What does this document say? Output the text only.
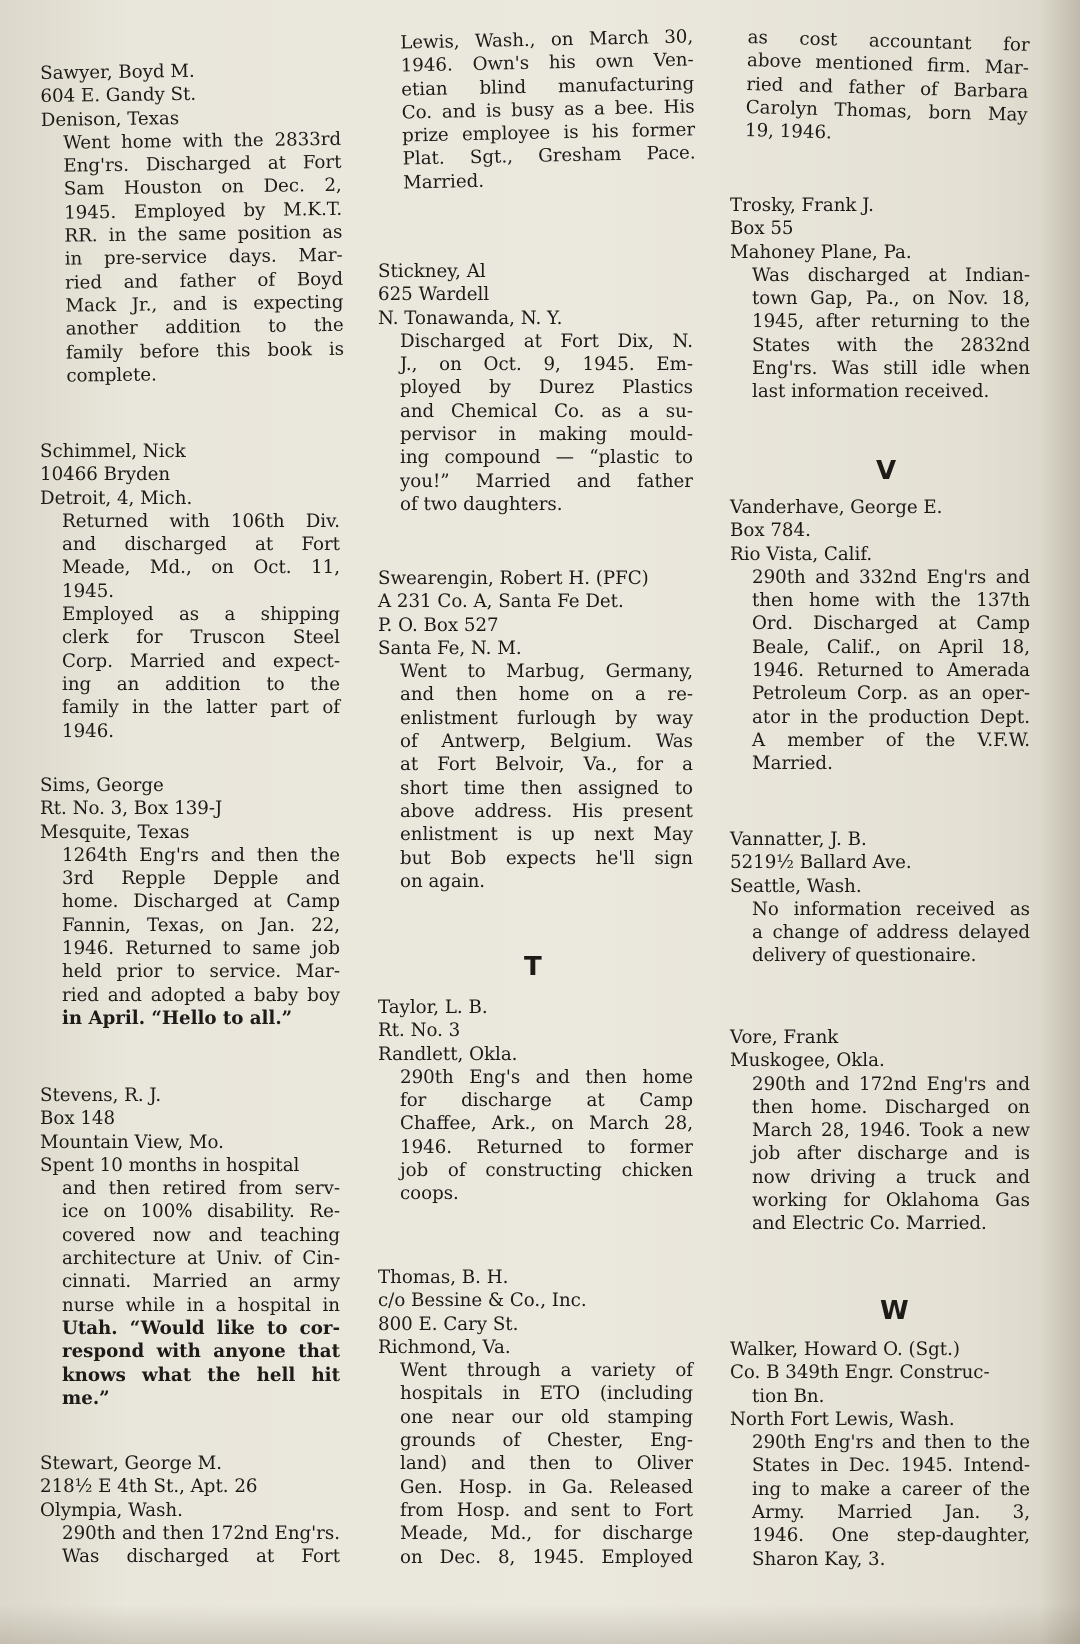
Sawyer, Boyd M.
604 E. Gandy St.
Denison, Texas
Went home with the 2833rd
Eng'rs. Discharged at Fort
Sam Houston on Dec. 2,
1945. Employed by M.K.T.
RR. in the same position as
in pre-service days. Mar-
ried and father of Boyd
Mack Jr., and is expecting
another addition to the
family before this book is
complete.
Schimmel, Nick
10466 Bryden
Detroit, 4, Mich.
Returned with 106th Div.
and discharged at Fort
Meade, Md., on Oct. 11, 1945.
Employed as a shipping
clerk for Truscon Steel
Corp. Married and expect-
ing an addition to the
family in the latter part of
1946.
Sims, George
Rt. No. 3, Box 139-J
Mesquite, Texas
1264th Eng'rs and then the
3rd Repple Depple and
home. Discharged at Camp
Fannin, Texas, on Jan. 22,
1946. Returned to same job
held prior to service. Mar-
ried and adopted a baby boy
in April. “Hello to all.”
Stevens, R. J.
Box 148
Mountain View, Mo.
Spent 10 months in hospital
and then retired from serv-
ice on 100% disability. Re-
covered now and teaching
architecture at Univ. of Cin-
cinnati. Married an army
nurse while in a hospital in
Utah. “Would like to cor-
respond with anyone that
knows what the hell hit me.”
Stewart, George M.
218½ E 4th St., Apt. 26
Olympia, Wash.
290th and then 172nd Eng'rs.
Was discharged at Fort
Lewis, Wash., on March 30,
1946. Own's his own Ven-
etian blind manufacturing
Co. and is busy as a bee. His
prize employee is his former
Plat. Sgt., Gresham Pace.
Married.
Stickney, Al
625 Wardell
N. Tonawanda, N. Y.
Discharged at Fort Dix, N.
J., on Oct. 9, 1945. Em-
ployed by Durez Plastics
and Chemical Co. as a su-
pervisor in making mould-
ing compound — “plastic to
you!” Married and father
of two daughters.
Swearengin, Robert H. (PFC)
A 231 Co. A, Santa Fe Det.
P. O. Box 527
Santa Fe, N. M.
Went to Marbug, Germany,
and then home on a re-
enlistment furlough by way
of Antwerp, Belgium. Was
at Fort Belvoir, Va., for a
short time then assigned to
above address. His present
enlistment is up next May
but Bob expects he'll sign
on again.
T
Taylor, L. B.
Rt. No. 3
Randlett, Okla.
290th Eng's and then home
for discharge at Camp
Chaffee, Ark., on March 28,
1946. Returned to former
job of constructing chicken
coops.
Thomas, B. H.
c/o Bessine & Co., Inc.
800 E. Cary St.
Richmond, Va.
Went through a variety of
hospitals in ETO (including
one near our old stamping
grounds of Chester, Eng-
land) and then to Oliver
Gen. Hosp. in Ga. Released
from Hosp. and sent to Fort
Meade, Md., for discharge
on Dec. 8, 1945. Employed
as cost accountant for
above mentioned firm. Mar-
ried and father of Barbara
Carolyn Thomas, born May
19, 1946.
Trosky, Frank J.
Box 55
Mahoney Plane, Pa.
Was discharged at Indian-
town Gap, Pa., on Nov. 18,
1945, after returning to the
States with the 2832nd
Eng'rs. Was still idle when
last information received.
V
Vanderhave, George E.
Box 784.
Rio Vista, Calif.
290th and 332nd Eng'rs and
then home with the 137th
Ord. Discharged at Camp
Beale, Calif., on April 18,
1946. Returned to Amerada
Petroleum Corp. as an oper-
ator in the production Dept.
A member of the V.F.W.
Married.
Vannatter, J. B.
5219½ Ballard Ave.
Seattle, Wash.
No information received as
a change of address delayed
delivery of questionaire.
Vore, Frank
Muskogee, Okla.
290th and 172nd Eng'rs and
then home. Discharged on
March 28, 1946. Took a new
job after discharge and is
now driving a truck and
working for Oklahoma Gas
and Electric Co. Married.
W
Walker, Howard O. (Sgt.)
Co. B 349th Engr. Construc-
tion Bn.
North Fort Lewis, Wash.
290th Eng'rs and then to the
States in Dec. 1945. Intend-
ing to make a career of the
Army. Married Jan. 3,
1946. One step-daughter,
Sharon Kay, 3.
